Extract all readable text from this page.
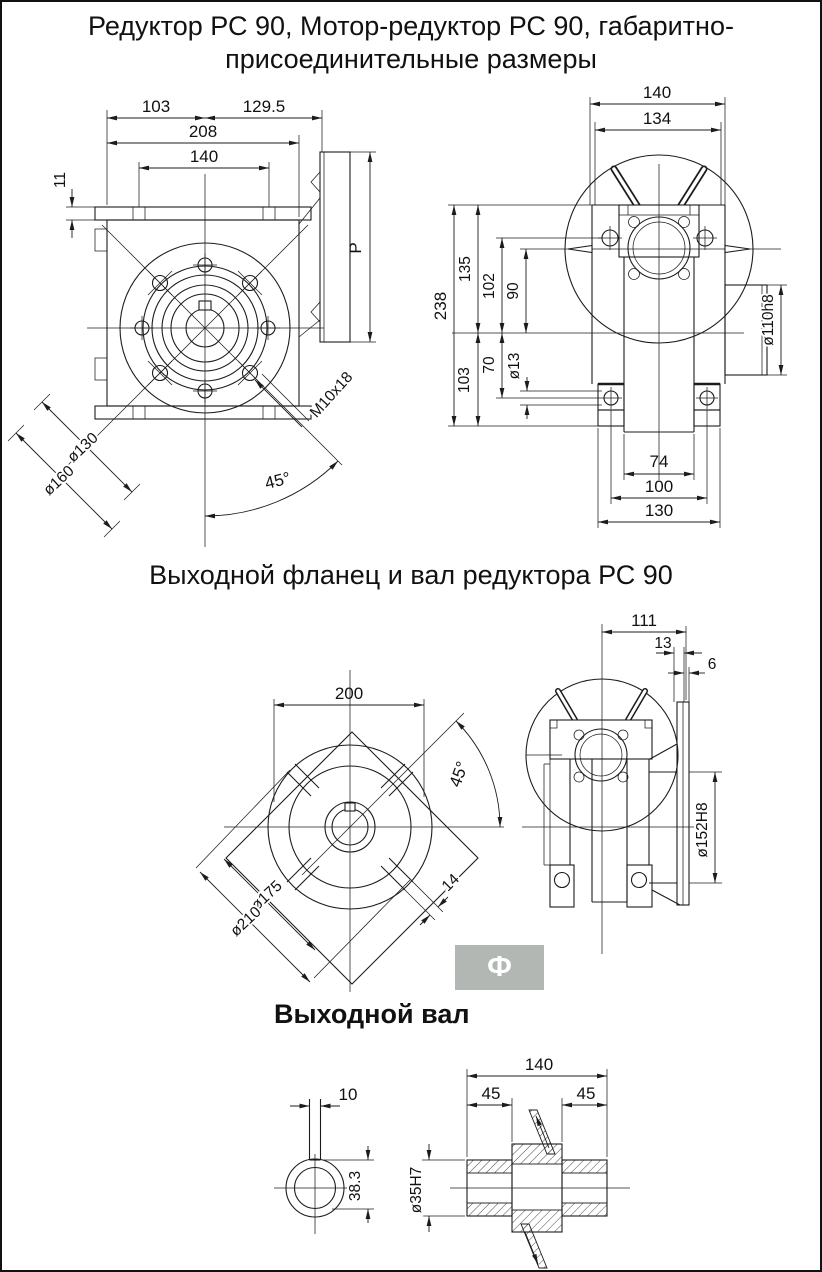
Редуктор РС 90, Мотор-редуктор РС 90, габаритно-
присоединительные размеры
Выходной фланец и вал редуктора РС 90
Выходной вал
Ф
103	129.5
208
140
11
P
ø130
ø160
M10x18
45°
140
134
238
135
103
102 90
70 ø13
ø110h8
74
100
130
200
ø175
ø210
45°
14
111
13
6
ø152H8
10
38.3
140
45	45
ø35H7
